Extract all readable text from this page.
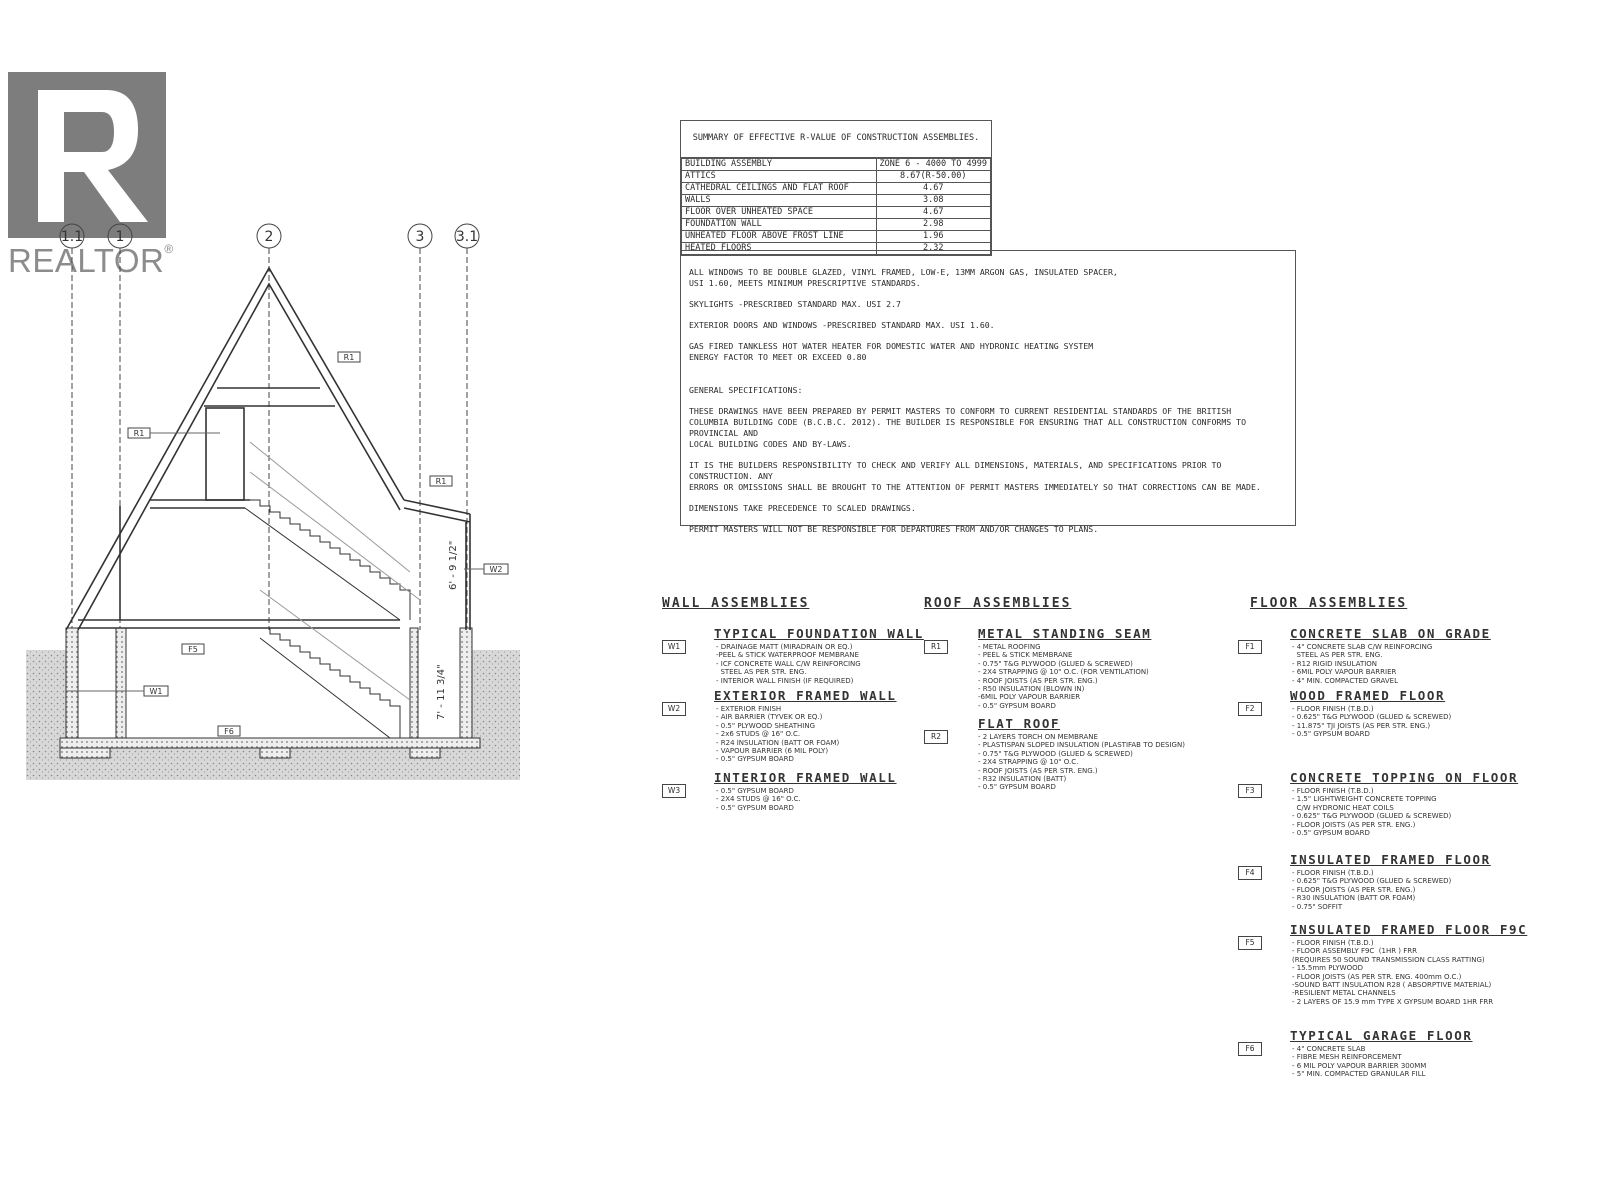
REALTOR®
1.1 1	2	3 3.1
R1
R1
R1
W2
W1
F5
F6
6' - 9 1/2"
7' - 11 3/4"
SUMMARY OF EFFECTIVE R-VALUE OF CONSTRUCTION ASSEMBLIES.
BUILDING ASSEMBLY	ZONE 6 - 4000 TO 4999
ATTICS	8.67(R-50.00)
CATHEDRAL CEILINGS AND FLAT ROOF	4.67
WALLS	3.08
FLOOR OVER UNHEATED SPACE	4.67
FOUNDATION WALL	2.98
UNHEATED FLOOR ABOVE FROST LINE	1.96
HEATED FLOORS	2.32

ALL WINDOWS TO BE DOUBLE GLAZED, VINYL FRAMED, LOW-E, 13MM ARGON GAS, INSULATED SPACER,
USI 1.60, MEETS MINIMUM PRESCRIPTIVE STANDARDS.

SKYLIGHTS -PRESCRIBED STANDARD MAX. USI 2.7

EXTERIOR DOORS AND WINDOWS -PRESCRIBED STANDARD MAX. USI 1.60.

GAS FIRED TANKLESS HOT WATER HEATER FOR DOMESTIC WATER AND HYDRONIC HEATING SYSTEM
ENERGY FACTOR TO MEET OR EXCEED 0.80

GENERAL SPECIFICATIONS:

THESE DRAWINGS HAVE BEEN PREPARED BY PERMIT MASTERS TO CONFORM TO CURRENT RESIDENTIAL STANDARDS OF THE BRITISH
COLUMBIA BUILDING CODE (B.C.B.C. 2012). THE BUILDER IS RESPONSIBLE FOR ENSURING THAT ALL CONSTRUCTION CONFORMS TO PROVINCIAL AND
LOCAL BUILDING CODES AND BY-LAWS.

IT IS THE BUILDERS RESPONSIBILITY TO CHECK AND VERIFY ALL DIMENSIONS, MATERIALS, AND SPECIFICATIONS PRIOR TO CONSTRUCTION. ANY
ERRORS OR OMISSIONS SHALL BE BROUGHT TO THE ATTENTION OF PERMIT MASTERS IMMEDIATELY SO THAT CORRECTIONS CAN BE MADE.

DIMENSIONS TAKE PRECEDENCE TO SCALED DRAWINGS.

PERMIT MASTERS WILL NOT BE RESPONSIBLE FOR DEPARTURES FROM AND/OR CHANGES TO PLANS.

WALL ASSEMBLIES
W1
TYPICAL FOUNDATION WALL
- DRAINAGE MATT (MIRADRAIN OR EQ.)
-PEEL & STICK WATERPROOF MEMBRANE
- ICF CONCRETE WALL C/W REINFORCING
STEEL AS PER STR. ENG.
- INTERIOR WALL FINISH (IF REQUIRED)
W2
EXTERIOR FRAMED WALL
- EXTERIOR FINISH
- AIR BARRIER (TYVEK OR EQ.)
- 0.5" PLYWOOD SHEATHING
- 2x6 STUDS @ 16" O.C.
- R24 INSULATION (BATT OR FOAM)
- VAPOUR BARRIER (6 MIL POLY)
- 0.5" GYPSUM BOARD
W3
INTERIOR FRAMED WALL
- 0.5" GYPSUM BOARD
- 2X4 STUDS @ 16" O.C.
- 0.5" GYPSUM BOARD
ROOF ASSEMBLIES
R1
METAL STANDING SEAM
- METAL ROOFING
- PEEL & STICK MEMBRANE
- 0.75" T&G PLYWOOD (GLUED & SCREWED)
- 2X4 STRAPPING @ 10" O.C. (FOR VENTILATION)
- ROOF JOISTS (AS PER STR. ENG.)
- R50 INSULATION (BLOWN IN)
-6MIL POLY VAPOUR BARRIER
- 0.5" GYPSUM BOARD
R2
FLAT ROOF
- 2 LAYERS TORCH ON MEMBRANE
- PLASTISPAN SLOPED INSULATION (PLASTIFAB TO DESIGN)
- 0.75" T&G PLYWOOD (GLUED & SCREWED)
- 2X4 STRAPPING @ 10" O.C.
- ROOF JOISTS (AS PER STR. ENG.)
- R32 INSULATION (BATT)
- 0.5" GYPSUM BOARD
FLOOR ASSEMBLIES
F1
CONCRETE SLAB ON GRADE
- 4" CONCRETE SLAB C/W REINFORCING
STEEL AS PER STR. ENG.
- R12 RIGID INSULATION
- 6MIL POLY VAPOUR BARRIER
- 4" MIN. COMPACTED GRAVEL
F2
WOOD FRAMED FLOOR
- FLOOR FINISH (T.B.D.)
- 0.625" T&G PLYWOOD (GLUED & SCREWED)
- 11.875" TJI JOISTS (AS PER STR. ENG.)
- 0.5" GYPSUM BOARD
F3
CONCRETE TOPPING ON FLOOR
- FLOOR FINISH (T.B.D.)
- 1.5" LIGHTWEIGHT CONCRETE TOPPING
C/W HYDRONIC HEAT COILS
- 0.625" T&G PLYWOOD (GLUED & SCREWED)
- FLOOR JOISTS (AS PER STR. ENG.)
- 0.5" GYPSUM BOARD
F4
INSULATED FRAMED FLOOR
- FLOOR FINISH (T.B.D.)
- 0.625" T&G PLYWOOD (GLUED & SCREWED)
- FLOOR JOISTS (AS PER STR. ENG.)
- R30 INSULATION (BATT OR FOAM)
- 0.75" SOFFIT
F5
INSULATED FRAMED FLOOR F9C
- FLOOR FINISH (T.B.D.)
- FLOOR ASSEMBLY F9C  (1HR ) FRR
(REQUIRES 50 SOUND TRANSMISSION CLASS RATTING)
- 15.5mm PLYWOOD
- FLOOR JOISTS (AS PER STR. ENG. 400mm O.C.)
-SOUND BATT INSULATION R28 ( ABSORPTIVE MATERIAL)
-RESILIENT METAL CHANNELS
- 2 LAYERS OF 15.9 mm TYPE X GYPSUM BOARD 1HR FRR
F6
TYPICAL GARAGE FLOOR
- 4" CONCRETE SLAB
- FIBRE MESH REINFORCEMENT
- 6 MIL POLY VAPOUR BARRIER 300MM
- 5" MIN. COMPACTED GRANULAR FILL
